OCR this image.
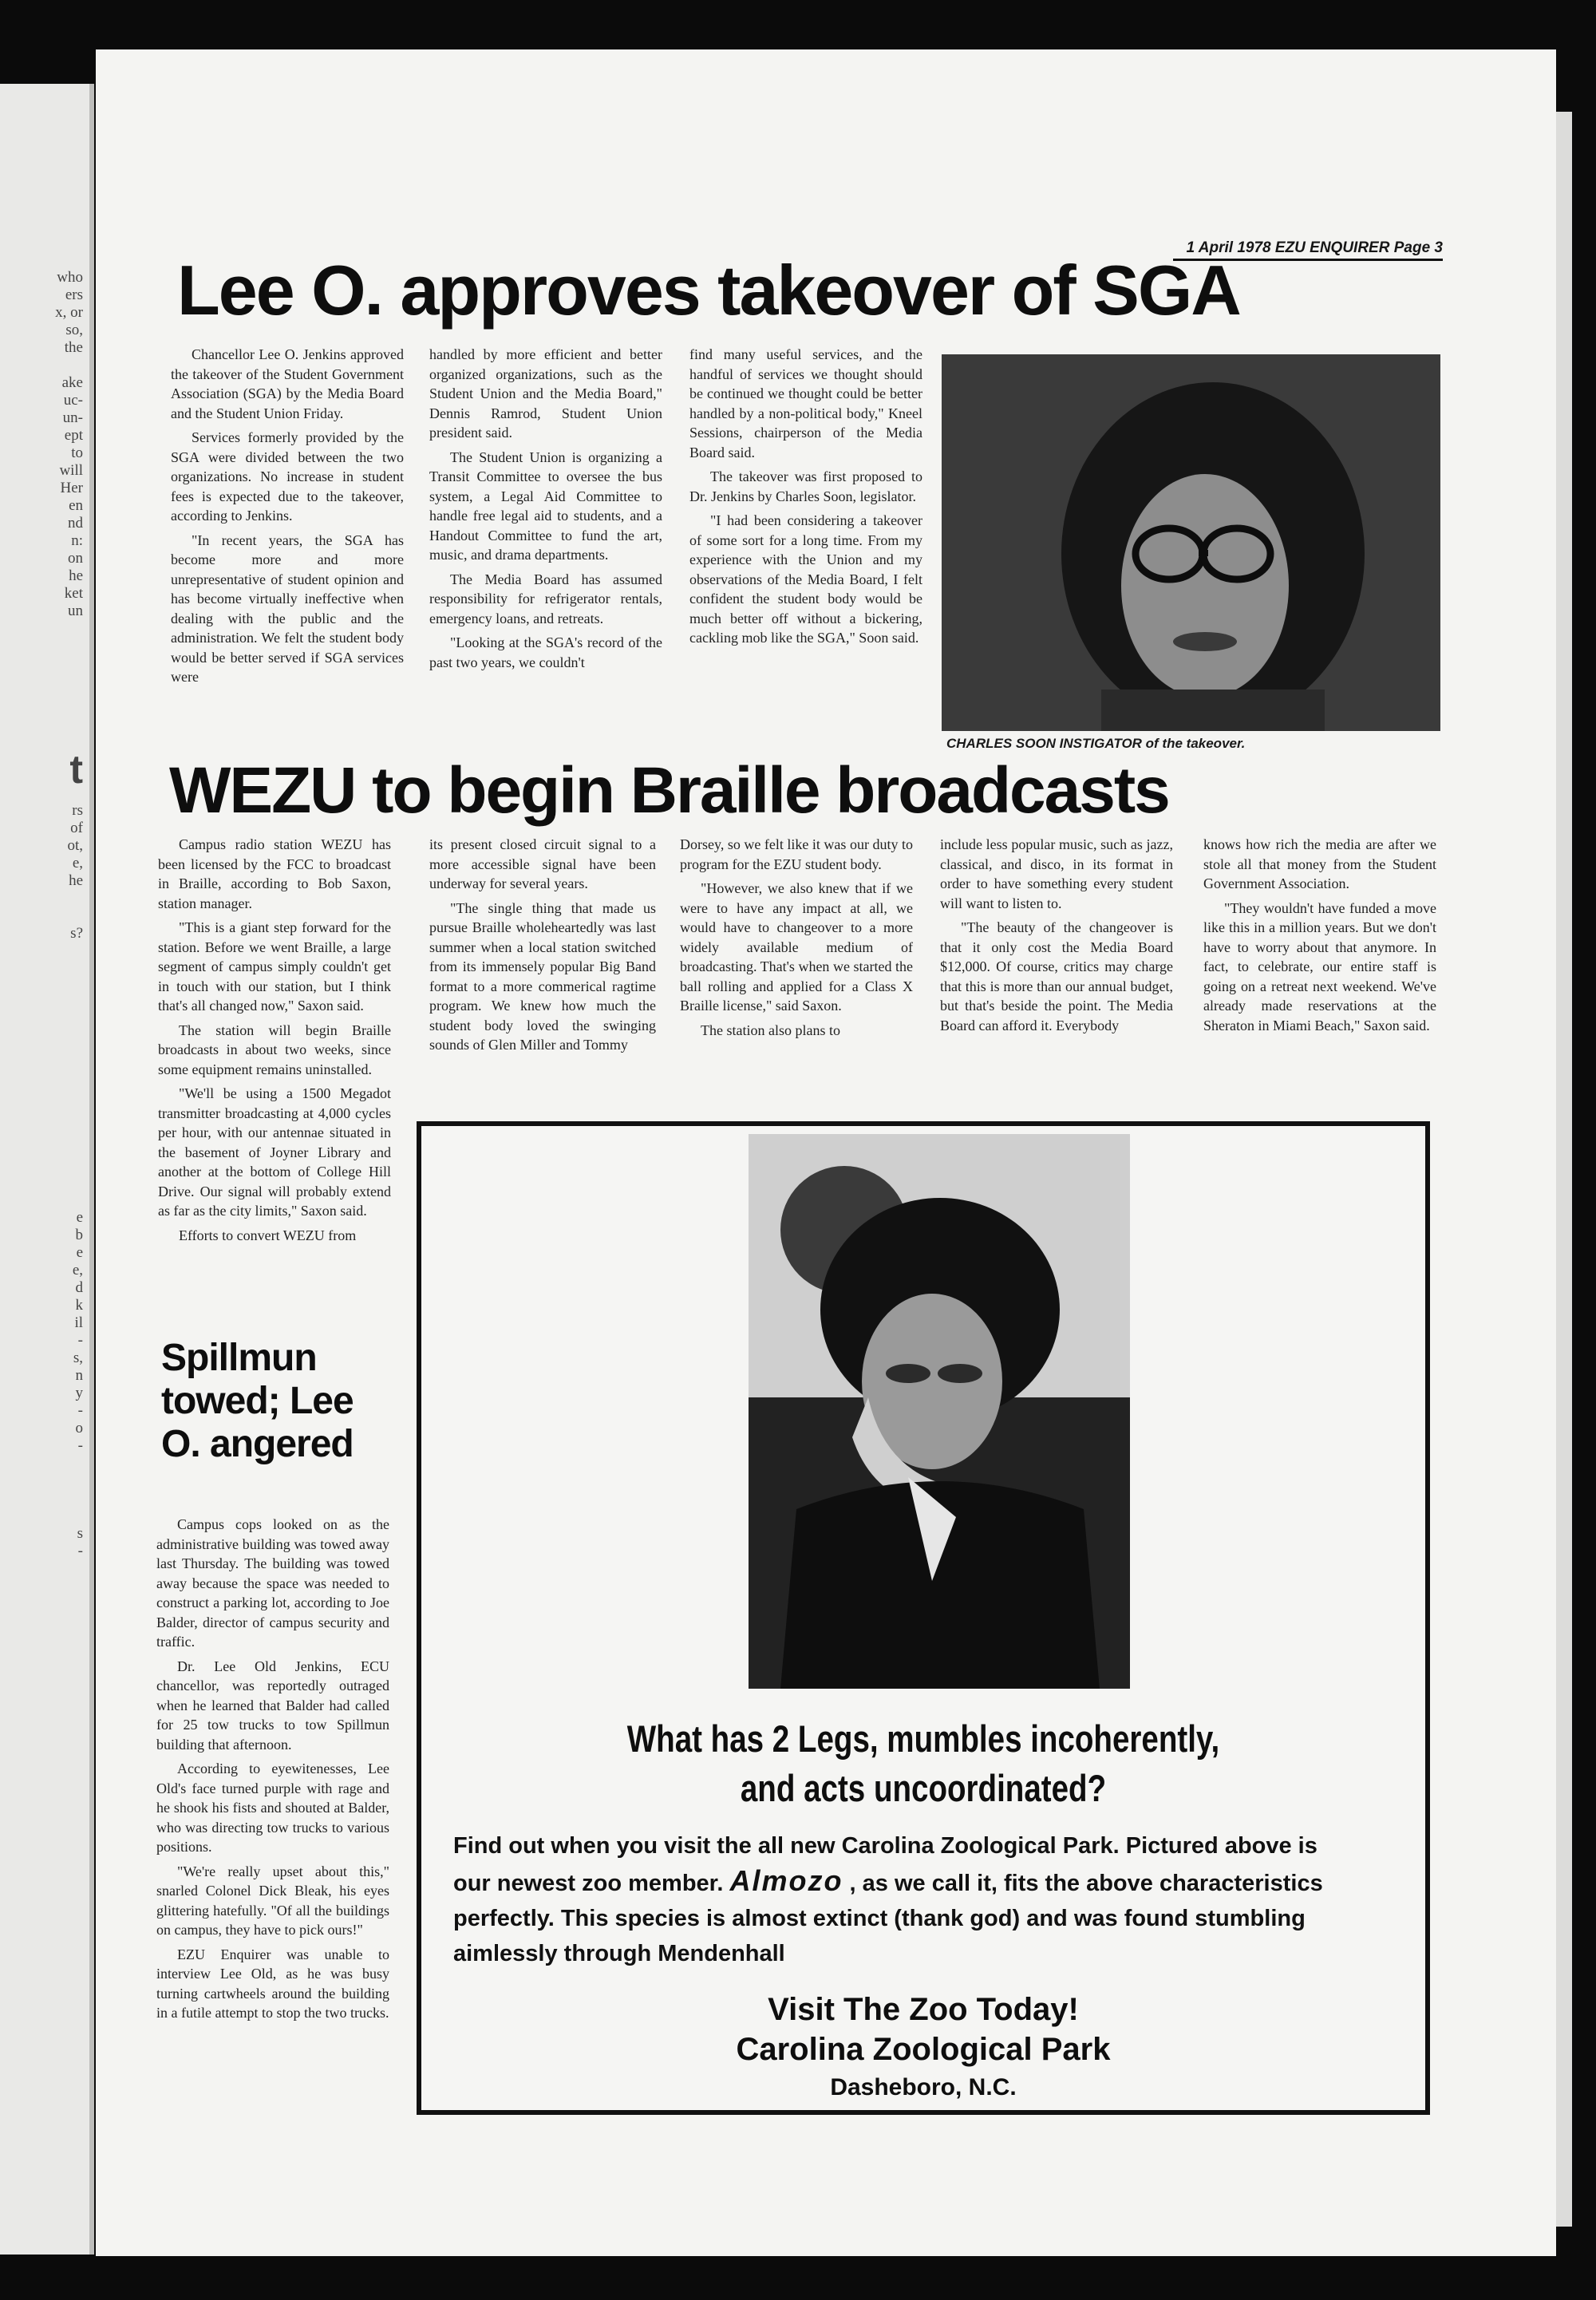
who
ers
x, or
so,
the

ake
uc-
un-
ept
to
will
Her
en
nd
n:
on
he
ket
un
t
rs
of
ot,
e,
he

s?
e
b
e
e,
d
k
il
-
s,
n
y
-
o
-

s
-
1 April 1978 EZU ENQUIRER Page 3
Lee O. approves takeover of SGA

Chancellor Lee O. Jenkins approved the takeover of the Student Government Association (SGA) by the Media Board and the Student Union Friday.

Services formerly provided by the SGA were divided between the two organizations. No increase in student fees is expected due to the takeover, according to Jenkins.

"In recent years, the SGA has become more and more unrepresentative of student opinion and has become virtually ineffective when dealing with the public and the administration. We felt the student body would be better served if SGA services were

handled by more efficient and better organized organizations, such as the Student Union and the Media Board," Dennis Ramrod, Student Union president said.

The Student Union is organizing a Transit Committee to oversee the bus system, a Legal Aid Committee to handle free legal aid to students, and a Handout Committee to fund the art, music, and drama departments.

The Media Board has assumed responsibility for refrigerator rentals, emergency loans, and retreats.

"Looking at the SGA's record of the past two years, we couldn't

find many useful services, and the handful of services we thought should be continued we thought could be better handled by a non-political body," Kneel Sessions, chairperson of the Media Board said.

The takeover was first proposed to Dr. Jenkins by Charles Soon, legislator.

"I had been considering a takeover of some sort for a long time. From my experience with the Union and my observations of the Media Board, I felt confident the student body would be much better off without a bickering, cackling mob like the SGA," Soon said.

CHARLES SOON INSTIGATOR of the takeover.
WEZU to begin Braille broadcasts

Campus radio station WEZU has been licensed by the FCC to broadcast in Braille, according to Bob Saxon, station manager.

"This is a giant step forward for the station. Before we went Braille, a large segment of campus simply couldn't get in touch with our station, but I think that's all changed now," Saxon said.

The station will begin Braille broadcasts in about two weeks, since some equipment remains uninstalled.

"We'll be using a 1500 Megadot transmitter broadcasting at 4,000 cycles per hour, with our antennae situated in the basement of Joyner Library and another at the bottom of College Hill Drive. Our signal will probably extend as far as the city limits," Saxon said.

Efforts to convert WEZU from

its present closed circuit signal to a more accessible signal have been underway for several years.

"The single thing that made us pursue Braille wholeheartedly was last summer when a local station switched from its immensely popular Big Band format to a more commerical ragtime program. We knew how much the student body loved the swinging sounds of Glen Miller and Tommy

Dorsey, so we felt like it was our duty to program for the EZU student body.

"However, we also knew that if we were to have any impact at all, we would have to changeover to a more widely available medium of broadcasting. That's when we started the ball rolling and applied for a Class X Braille license," said Saxon.

The station also plans to

include less popular music, such as jazz, classical, and disco, in its format in order to have something every student will want to listen to.

"The beauty of the changeover is that it only cost the Media Board $12,000. Of course, critics may charge that this is more than our annual budget, but that's beside the point. The Media Board can afford it. Everybody

knows how rich the media are after we stole all that money from the Student Government Association.

"They wouldn't have funded a move like this in a million years. But we don't have to worry about that anymore. In fact, to celebrate, our entire staff is going on a retreat next weekend. We've already made reservations at the Sheraton in Miami Beach," Saxon said.

Spillmun towed; Lee O. angered

Campus cops looked on as the administrative building was towed away last Thursday. The building was towed away because the space was needed to construct a parking lot, according to Joe Balder, director of campus security and traffic.

Dr. Lee Old Jenkins, ECU chancellor, was reportedly outraged when he learned that Balder had called for 25 tow trucks to tow Spillmun building that afternoon.

According to eyewitenesses, Lee Old's face turned purple with rage and he shook his fists and shouted at Balder, who was directing tow trucks to various positions.

"We're really upset about this," snarled Colonel Dick Bleak, his eyes glittering hatefully. "Of all the buildings on campus, they have to pick ours!"

EZU Enquirer was unable to interview Lee Old, as he was busy turning cartwheels around the building in a futile attempt to stop the two trucks.

What has 2 Legs, mumbles incoherently,
and acts uncoordinated?
Find out when you visit the all new Carolina Zoological Park. Pictured above is
our newest zoo member. Almozo , as we call it, fits the above characteristics
perfectly. This species is almost extinct (thank god) and was found stumbling
aimlessly through Mendenhall
Visit The Zoo Today!
Carolina Zoological Park
Dasheboro, N.C.
